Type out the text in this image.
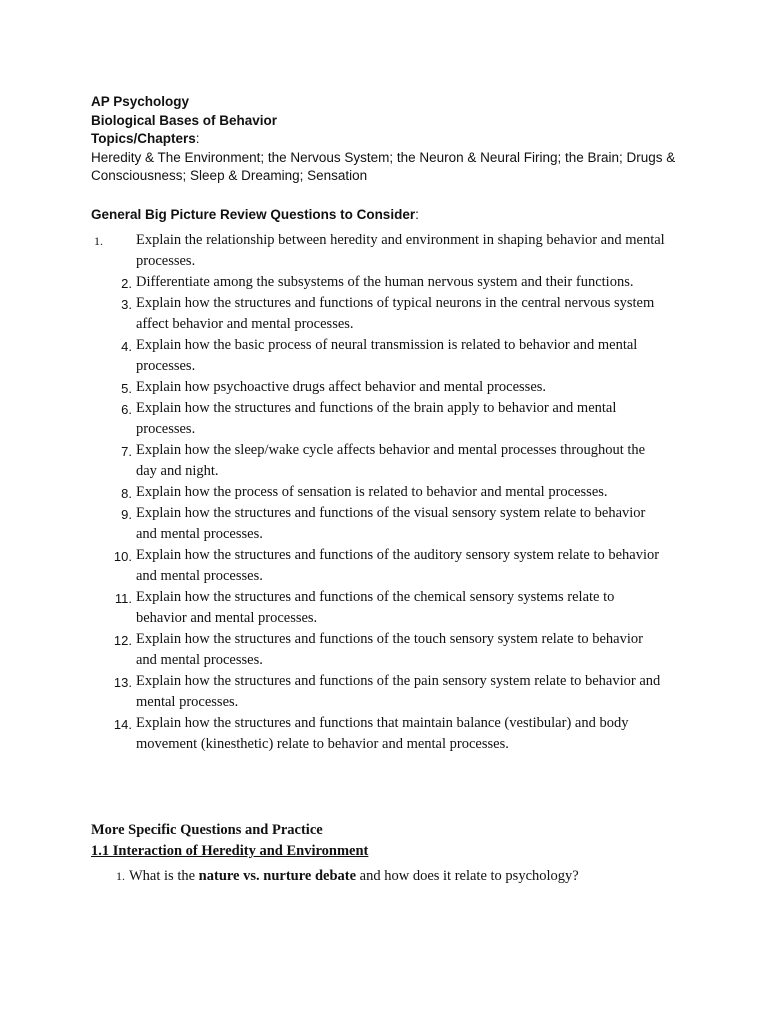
AP Psychology
Biological Bases of Behavior
Topics/Chapters:
Heredity & The Environment; the Nervous System; the Neuron & Neural Firing; the Brain; Drugs & Consciousness; Sleep & Dreaming; Sensation
General Big Picture Review Questions to Consider:
1.	Explain the relationship between heredity and environment in shaping behavior and mental processes.
2. Differentiate among the subsystems of the human nervous system and their functions.
3. Explain how the structures and functions of typical neurons in the central nervous system affect behavior and mental processes.
4. Explain how the basic process of neural transmission is related to behavior and mental processes.
5. Explain how psychoactive drugs affect behavior and mental processes.
6. Explain how the structures and functions of the brain apply to behavior and mental processes.
7. Explain how the sleep/wake cycle affects behavior and mental processes throughout the day and night.
8. Explain how the process of sensation is related to behavior and mental processes.
9. Explain how the structures and functions of the visual sensory system relate to behavior and mental processes.
10. Explain how the structures and functions of the auditory sensory system relate to behavior and mental processes.
11. Explain how the structures and functions of the chemical sensory systems relate to behavior and mental processes.
12. Explain how the structures and functions of the touch sensory system relate to behavior and mental processes.
13. Explain how the structures and functions of the pain sensory system relate to behavior and mental processes.
14. Explain how the structures and functions that maintain balance (vestibular) and body movement (kinesthetic) relate to behavior and mental processes.
More Specific Questions and Practice
1.1 Interaction of Heredity and Environment
1. What is the nature vs. nurture debate and how does it relate to psychology?
